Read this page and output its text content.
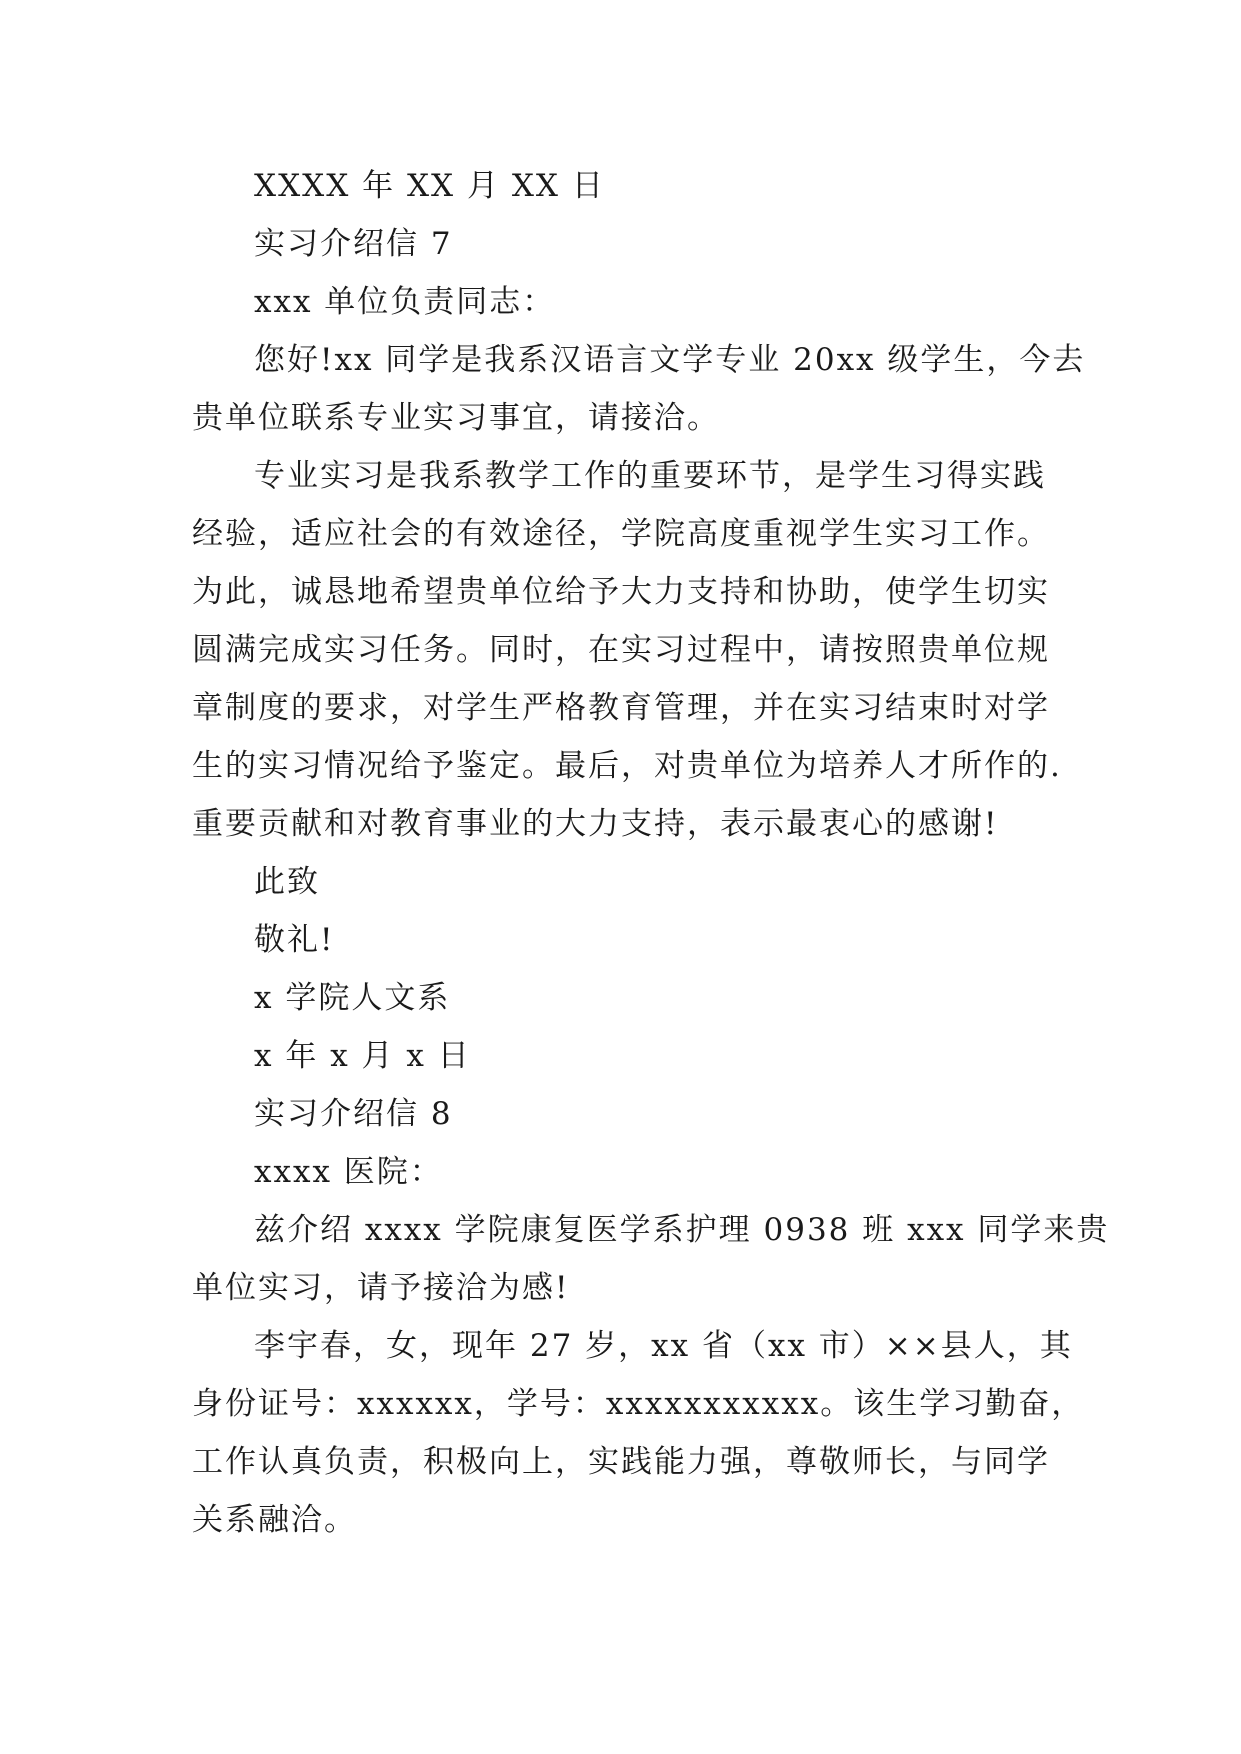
XXXX 年 XX 月 XX 日
实习介绍信 7
xxx 单位负责同志：
您好!xx 同学是我系汉语言文学专业 20xx 级学生，今去
贵单位联系专业实习事宜，请接洽。
专业实习是我系教学工作的重要环节，是学生习得实践
经验，适应社会的有效途径，学院高度重视学生实习工作。
为此，诚恳地希望贵单位给予大力支持和协助，使学生切实
圆满完成实习任务。同时，在实习过程中，请按照贵单位规
章制度的要求，对学生严格教育管理，并在实习结束时对学
生的实习情况给予鉴定。最后，对贵单位为培养人才所作的.
重要贡献和对教育事业的大力支持，表示最衷心的感谢!
此致
敬礼!
x 学院人文系
x 年 x 月 x 日
实习介绍信 8
xxxx 医院：
兹介绍 xxxx 学院康复医学系护理 0938 班 xxx 同学来贵
单位实习，请予接洽为感!
李宇春，女，现年 27 岁，xx 省（xx 市）××县人，其
身份证号：xxxxxx，学号：xxxxxxxxxxx。该生学习勤奋，
工作认真负责，积极向上，实践能力强，尊敬师长，与同学
关系融洽。
